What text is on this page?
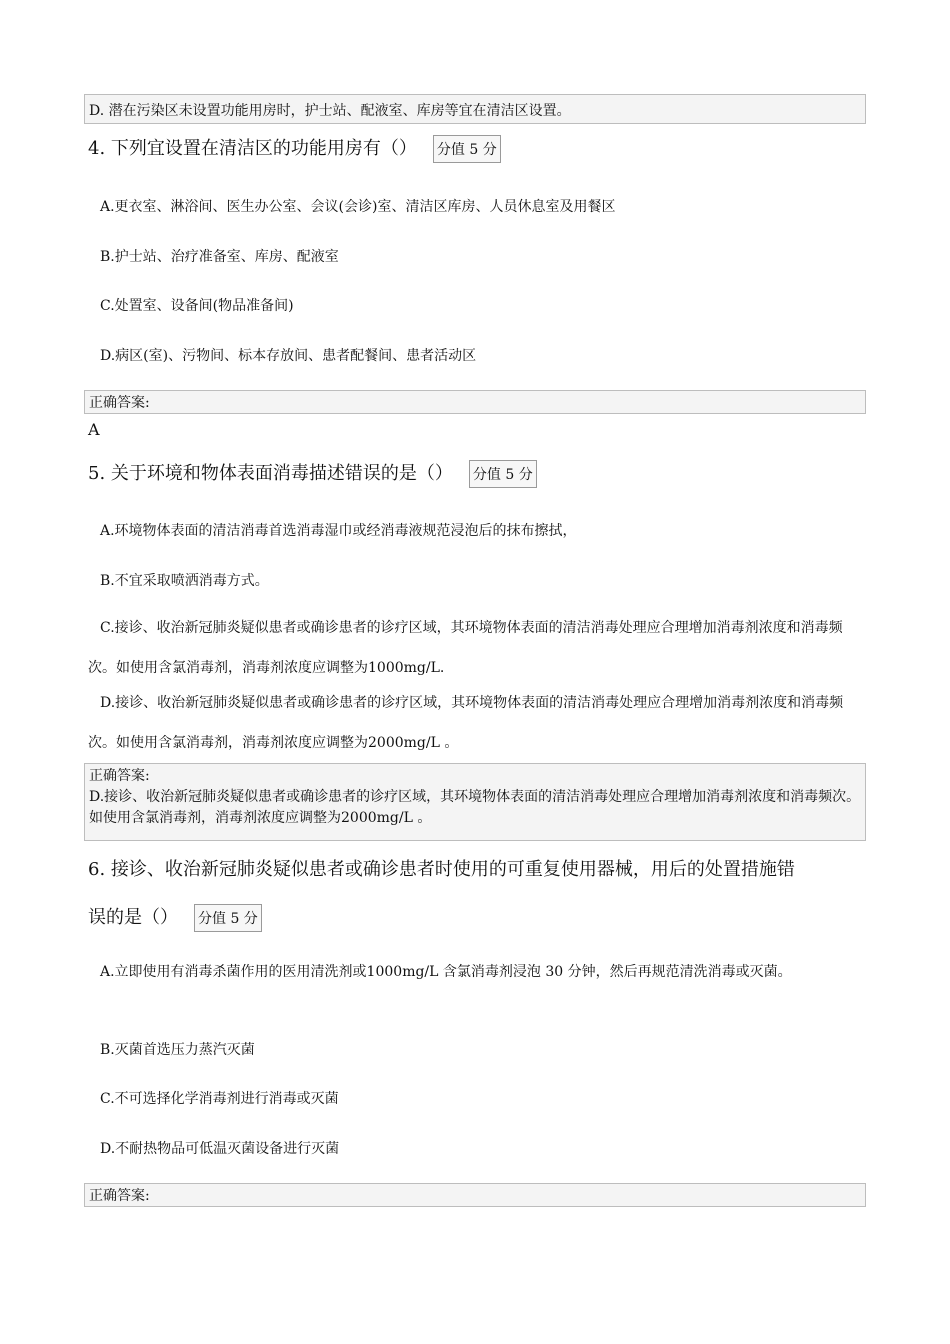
D. 潜在污染区未设置功能用房时，护士站、配液室、库房等宜在清洁区设置。
4. 下列宜设置在清洁区的功能用房有（） 分值 5 分
A.更衣室、淋浴间、医生办公室、会议(会诊)室、清洁区库房、人员休息室及用餐区
B.护士站、治疗准备室、库房、配液室
C.处置室、设备间(物品准备间)
D.病区(室)、污物间、标本存放间、患者配餐间、患者活动区
正确答案:
A
5. 关于环境和物体表面消毒描述错误的是（） 分值 5 分
A.环境物体表面的清洁消毒首选消毒湿巾或经消毒液规范浸泡后的抹布擦拭，
B.不宜采取喷洒消毒方式。
C.接诊、收治新冠肺炎疑似患者或确诊患者的诊疗区域，其环境物体表面的清洁消毒处理应合理增加消毒剂浓度和消毒频次。如使用含氯消毒剂，消毒剂浓度应调整为1000mg/L.
D.接诊、收治新冠肺炎疑似患者或确诊患者的诊疗区域，其环境物体表面的清洁消毒处理应合理增加消毒剂浓度和消毒频次。如使用含氯消毒剂，消毒剂浓度应调整为2000mg/L 。
正确答案:
D.接诊、收治新冠肺炎疑似患者或确诊患者的诊疗区域，其环境物体表面的清洁消毒处理应合理增加消毒剂浓度和消毒频次。如使用含氯消毒剂，消毒剂浓度应调整为2000mg/L 。
6. 接诊、收治新冠肺炎疑似患者或确诊患者时使用的可重复使用器械，用后的处置措施错
误的是（） 分值 5 分
A.立即使用有消毒杀菌作用的医用清洗剂或1000mg/L 含氯消毒剂浸泡 30 分钟，然后再规范清洗消毒或灭菌。
B.灭菌首选压力蒸汽灭菌
C.不可选择化学消毒剂进行消毒或灭菌
D.不耐热物品可低温灭菌设备进行灭菌
正确答案:
